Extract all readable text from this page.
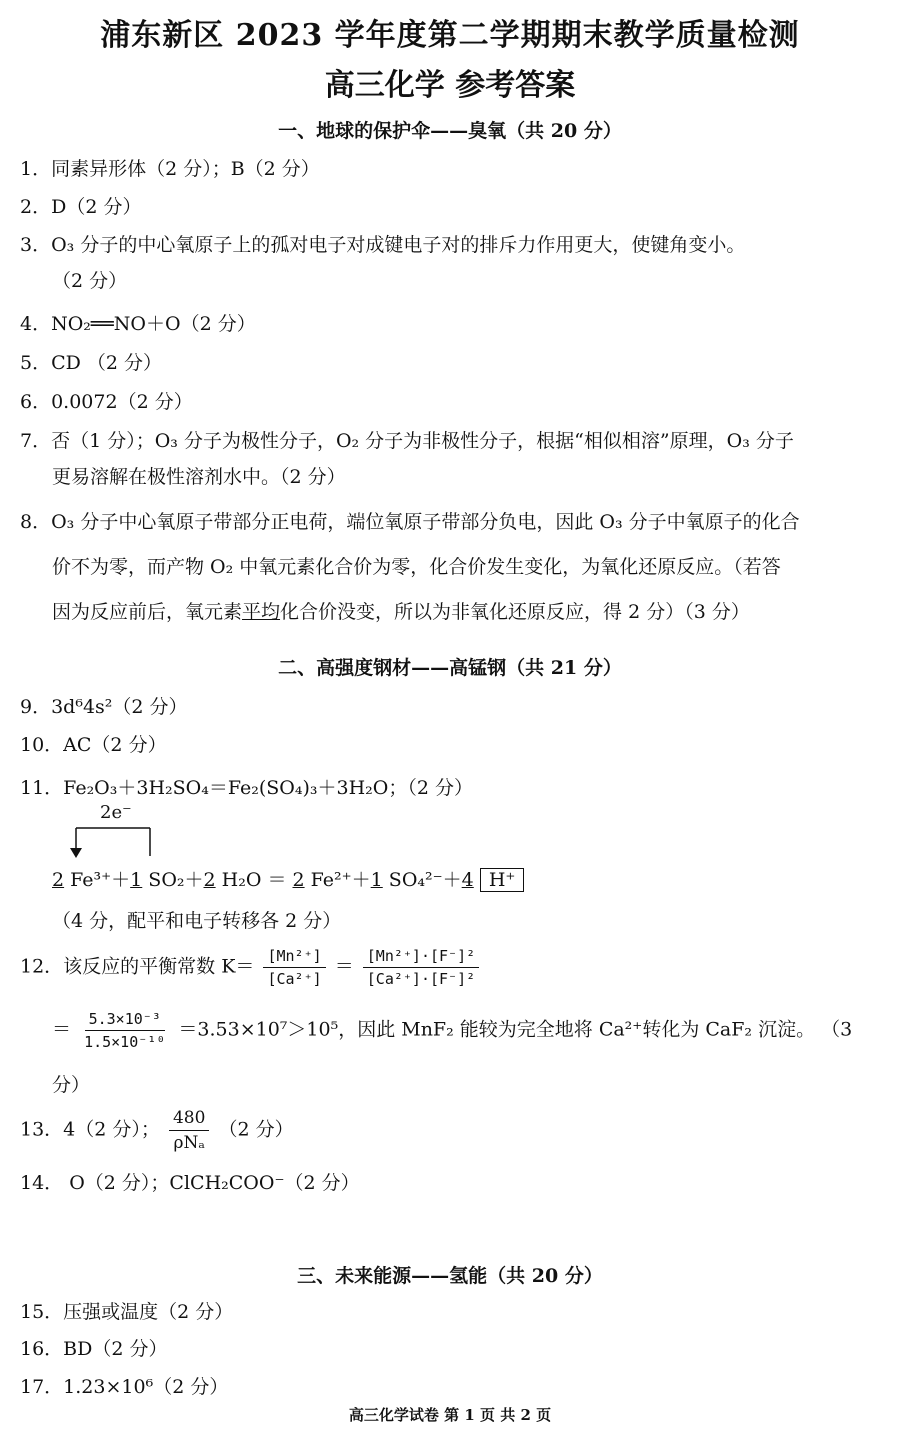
浦东新区 2023 学年度第二学期期末教学质量检测
高三化学 参考答案
一、地球的保护伞——臭氧（共 20 分）
1．同素异形体（2 分）；B（2 分）
2．D（2 分）
3．O₃ 分子的中心氧原子上的孤对电子对成键电子对的排斥力作用更大，使键角变小。
（2 分）
4．NO₂══NO＋O（2 分）
5．CD （2 分）
6．0.0072（2 分）
7．否（1 分）；O₃ 分子为极性分子，O₂ 分子为非极性分子，根据“相似相溶”原理，O₃ 分子
更易溶解在极性溶剂水中。（2 分）
8．O₃ 分子中心氧原子带部分正电荷，端位氧原子带部分负电，因此 O₃ 分子中氧原子的化合
价不为零，而产物 O₂ 中氧元素化合价为零，化合价发生变化，为氧化还原反应。（若答
因为反应前后，氧元素平均化合价没变，所以为非氧化还原反应，得 2 分）（3 分）
二、高强度钢材——高锰钢（共 21 分）
9．3d⁶4s²（2 分）
10．AC（2 分）
11．Fe₂O₃＋3H₂SO₄＝Fe₂(SO₄)₃＋3H₂O；（2 分）
2e⁻
2 Fe³⁺＋1 SO₂＋2 H₂O ＝ 2 Fe²⁺＋1 SO₄²⁻＋4 H⁺
（4 分，配平和电子转移各 2 分）
12．该反应的平衡常数 $K= \frac{\text{[Mn²⁺]}}{\text{[Ca²⁺]}} = \frac{\text{[Mn²⁺]·[F⁻]²}}{\text{[Ca²⁺]·[F⁻]²}}$
＝ $\frac{\text{5.3×10⁻³}}{\text{1.5×10⁻¹⁰}} =3.53\times 10^7>10^5$，因此 MnF₂ 能较为完全地将 Ca²⁺转化为 CaF₂ 沉淀。 （3
分）
13．4（2 分）； $\frac{480}{\text{ρNₐ}} (2$ 分）
14． O（2 分）；ClCH₂COO⁻（2 分）
三、未来能源——氢能（共 20 分）
15．压强或温度（2 分）
16．BD（2 分）
17．1.23×10⁶（2 分）
高三化学试卷 第 1 页 共 2 页
